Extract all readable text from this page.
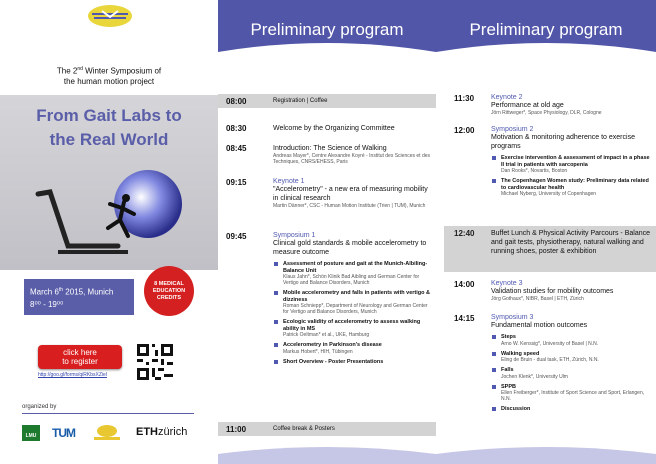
The 2nd Winter Symposium of
the human motion project
From Gait Labs to
the Real World
March 6th 2015, Munich
8⁰⁰ - 19⁰⁰
8 MEDICAL EDUCATION CREDITS
click here
to register
http://goo.gl/forms/qiRKbsXZiel
organized by
LMU TUM	ETHzürich
Preliminary program
08:00	Registration | Coffee
08:30	Welcome by the Organizing Committee
08:45	Introduction: The Science of Walking
Andreas Mayer*, Centre Alexandre Koyré - Institut des Sciences et des Techniques, CNRS/EHESS, Paris
09:15	Keynote 1
"Accelerometry" - a new era of measuring mobility in clinical research
Martin Dänner*, CSC - Human Motion Institute (Trien | TUM), Munich
09:45	Symposium 1
Clinical gold standards & mobile accelerometry to measure outcome
Assessment of posture and gait at the Munich-Albiling-Balance Unit
Klaus Jahn*, Schön Klinik Bad Aibling and German Center for Vertigo and Balance Disorders, Munich
Mobile accelerometry and falls in patients with vertigo & dizziness
Roman Schniepp*, Department of Neurology and German Center for Vertigo and Balance Disorders, Munich
Ecologic validity of accelerometry to assess walking ability in MS
Patrick Oeltman* et al., UKE, Hamburg
Accelerometry in Parkinson's disease
Markus Hobert*, HIH, Tübingen
Short Overview - Poster Presentations
11:00	Coffee break & Posters
Preliminary program
11:30 Keynote 2
Performance at old age
Jörn Rittweger*, Space Physiology, DLR, Cologne
12:00 Symposium 2
Motivation & monitoring adherence to exercise programs
Exercise intervention & assessment of impact in a phase II trial in patients with sarcopenia
Dan Rooks*, Novartis, Boston
The Copenhagen Women study: Preliminary data related to cardiovascular health
Michael Nyberg, University of Copenhagen
12:40 Buffet Lunch & Physical Activity Parcours - Balance and gait tests, physiotherapy, natural walking and running shoes, poster & exhibition
14:00 Keynote 3
Validation studies for mobility outcomes
Jörg Gothaux*, NIBR, Basel | ETH, Zürich
14:15 Symposium 3
Fundamental motion outcomes
Steps
Arno W. Kenssig*, University of Basel | N.N.
Walking speed
Eling de Bruin - dual task, ETH, Zürich, N.N.
Falls
Jochen Klenk*, University Ulm
SPPB
Ellen Freiberger*, Institute of Sport Science and Sport, Erlangen, N.N.
Discussion
